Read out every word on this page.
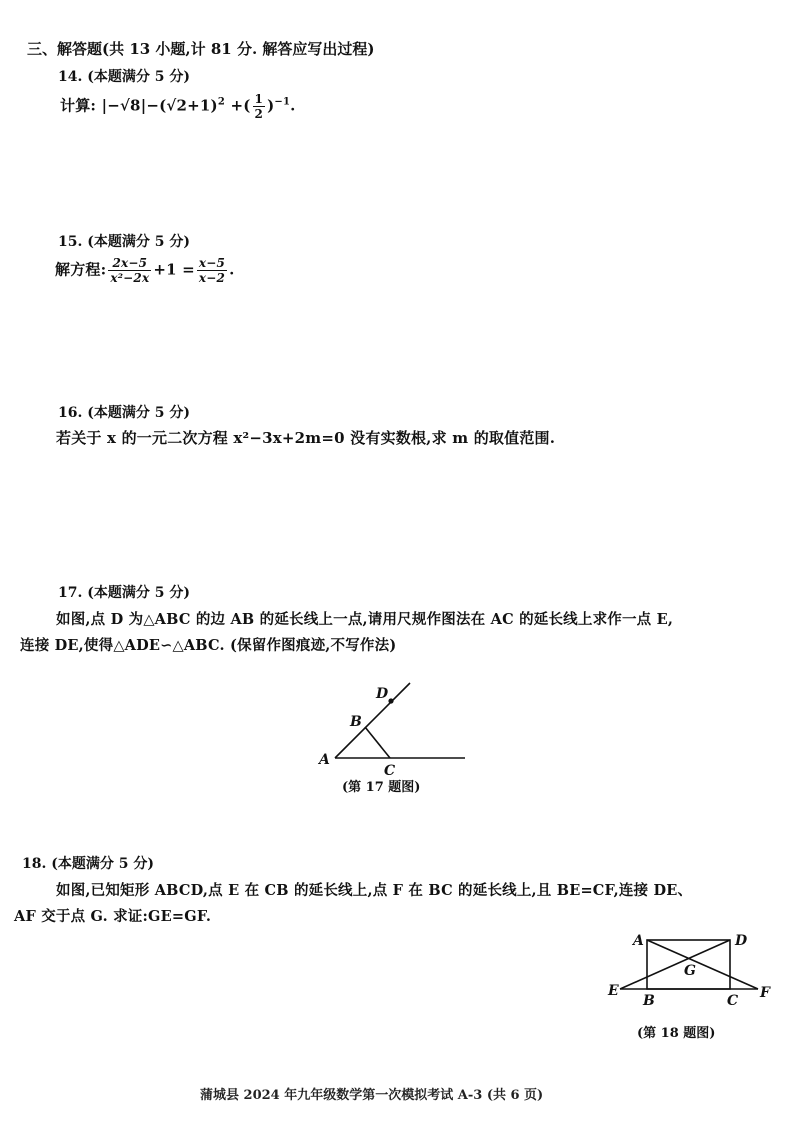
三、解答题(共 13 小题,计 81 分. 解答应写出过程)
14. (本题满分 5 分)
计算: $|-√8|-(√2+1)^2$ +( $\frac{1}{2} )^{-1}$.
15. (本题满分 5 分)
解方程: $\frac{2x-5}{\text{x²−2x}} +1 = \frac{x-5}{x-2}$ .
16. (本题满分 5 分)
若关于 x 的一元二次方程 x²−3x+2m=0 没有实数根,求 m 的取值范围.
17. (本题满分 5 分)
如图,点 D 为△ABC 的边 AB 的延长线上一点,请用尺规作图法在 AC 的延长线上求作一点 E,
连接 DE,使得△ADE∽△ABC. (保留作图痕迹,不写作法)
A
B
C
D
(第 17 题图)
18. (本题满分 5 分)
如图,已知矩形 ABCD,点 E 在 CB 的延长线上,点 F 在 BC 的延长线上,且 BE=CF,连接 DE、
AF 交于点 G. 求证:GE=GF.
A	D
G
E
B	C F
(第 18 题图)
蒲城县 2024 年九年级数学第一次模拟考试 A-3 (共 6 页)
